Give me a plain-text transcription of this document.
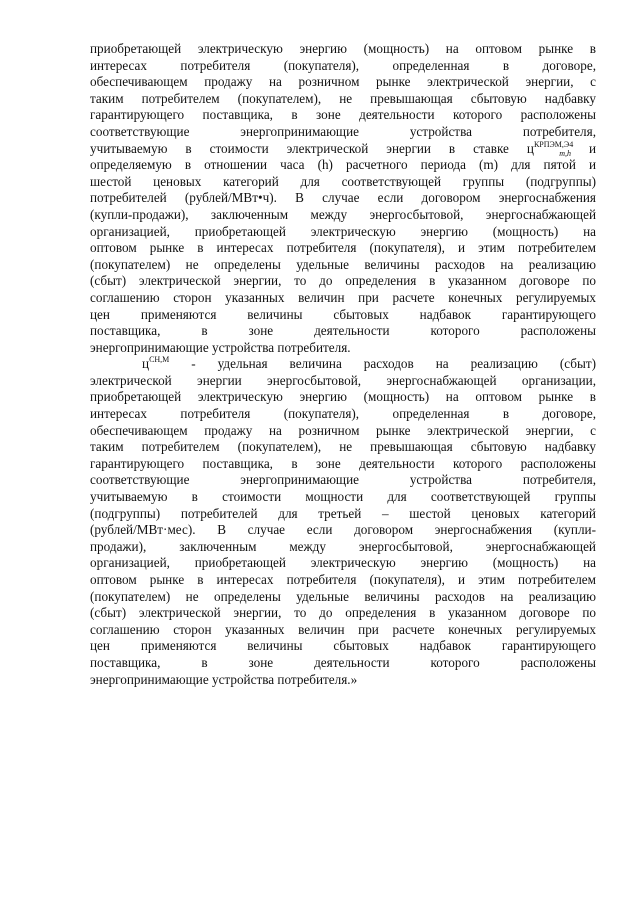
приобретающей электрическую энергию (мощность) на оптовом рынке в
интересах потребителя (покупателя), определенная в договоре,
обеспечивающем продажу на розничном рынке электрической энергии, с
таким потребителем (покупателем), не превышающая сбытовую надбавку
гарантирующего поставщика, в зоне деятельности которого расположены
соответствующие энергопринимающие устройства потребителя,
учитываемую в стоимости электрической энергии в ставке $ц^{КРПЭМ,Э4}_{m,h}$ и
определяемую в отношении часа (h) расчетного периода (m) для пятой и
шестой ценовых категорий для соответствующей группы (подгруппы)
потребителей (рублей/МВт•ч). В случае если договором энергоснабжения
(купли-продажи), заключенным между энергосбытовой, энергоснабжающей
организацией, приобретающей электрическую энергию (мощность) на
оптовом рынке в интересах потребителя (покупателя), и этим потребителем
(покупателем) не определены удельные величины расходов на реализацию
(сбыт) электрической энергии, то до определения в указанном договоре по
соглашению сторон указанных величин при расчете конечных регулируемых
цен применяются величины сбытовых надбавок гарантирующего
поставщика, в зоне деятельности которого расположены
энергопринимающие устройства потребителя.
$ц^{СН,М}$ - удельная величина расходов на реализацию (сбыт)
электрической энергии энергосбытовой, энергоснабжающей организации,
приобретающей электрическую энергию (мощность) на оптовом рынке в
интересах потребителя (покупателя), определенная в договоре,
обеспечивающем продажу на розничном рынке электрической энергии, с
таким потребителем (покупателем), не превышающая сбытовую надбавку
гарантирующего поставщика, в зоне деятельности которого расположены
соответствующие энергопринимающие устройства потребителя,
учитываемую в стоимости мощности для соответствующей группы
(подгруппы) потребителей для третьей – шестой ценовых категорий
(рублей/МВт·мес). В случае если договором энергоснабжения (купли-
продажи), заключенным между энергосбытовой, энергоснабжающей
организацией, приобретающей электрическую энергию (мощность) на
оптовом рынке в интересах потребителя (покупателя), и этим потребителем
(покупателем) не определены удельные величины расходов на реализацию
(сбыт) электрической энергии, то до определения в указанном договоре по
соглашению сторон указанных величин при расчете конечных регулируемых
цен применяются величины сбытовых надбавок гарантирующего
поставщика, в зоне деятельности которого расположены
энергопринимающие устройства потребителя.»
